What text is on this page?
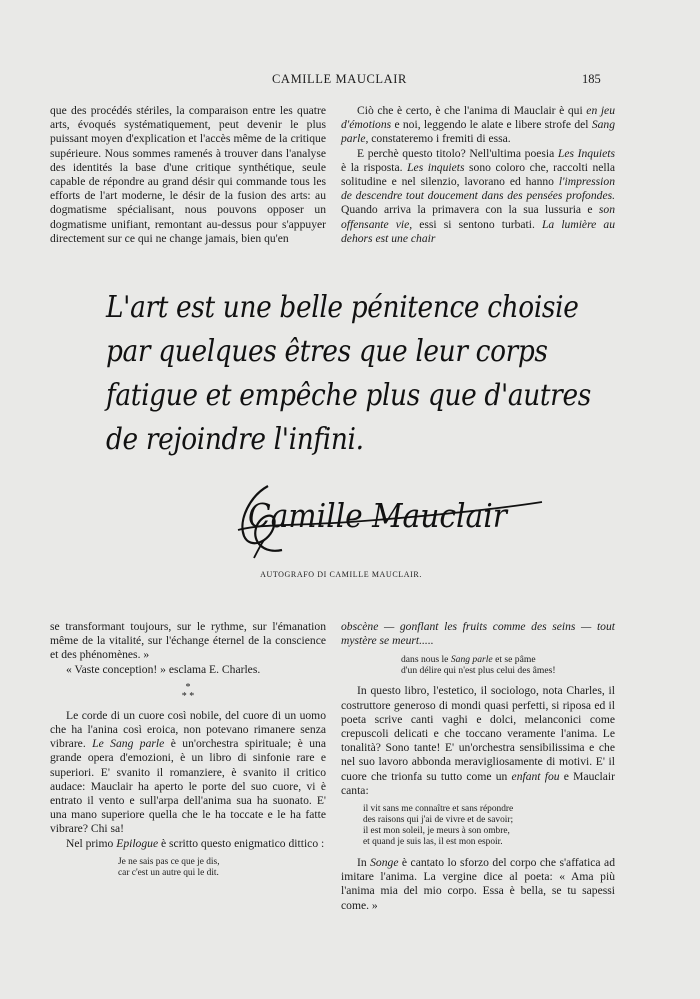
CAMILLE MAUCLAIR	185

que des procédés stériles, la comparaison entre les quatre arts, évoqués systématiquement, peut devenir le plus puissant moyen d'explication et l'accès même de la critique supérieure. Nous sommes ramenés à trouver dans l'analyse des identités la base d'une critique synthétique, seule capable de répondre au grand désir qui commande tous les efforts de l'art moderne, le désir de la fusion des arts: au dogmatisme spécialisant, nous pouvons opposer un dogmatisme unifiant, remontant au-dessus pour s'appuyer directement sur ce qui ne change jamais, bien qu'en

Ciò che è certo, è che l'anima di Mauclair è qui en jeu d'émotions e noi, leggendo le alate e libere strofe del Sang parle, constateremo i fremiti di essa.

E perchè questo titolo? Nell'ultima poesia Les Inquiets è la risposta. Les inquiets sono coloro che, raccolti nella solitudine e nel silenzio, lavorano ed hanno l'impression de descendre tout doucement dans des pensées profondes. Quando arriva la primavera con la sua lussuria e son offensante vie, essi si sentono turbati. La lumière au dehors est une chair

L'art est une belle pénitence choisie

par quelques êtres que leur corps

fatigue et empêche plus que d'autres

de rejoindre l'infini.

Camille Mauclair
AUTOGRAFO DI CAMILLE MAUCLAIR.

se transformant toujours, sur le rythme, sur l'émanation même de la vitalité, sur l'échange éternel de la conscience et des phénomènes. »

« Vaste conception! » esclama E. Charles.

*
* *

Le corde di un cuore così nobile, del cuore di un uomo che ha l'anina così eroica, non potevano rimanere senza vibrare. Le Sang parle è un'orchestra spirituale; è una grande opera d'emozioni, è un libro di sinfonie rare e superiori. E' svanito il romanziere, è svanito il critico audace: Mauclair ha aperto le porte del suo cuore, vi è entrato il vento e sull'arpa dell'anima sua ha suonato. E' una mano superiore quella che le ha toccate e le ha fatte vibrare? Chi sa!

Nel primo Epilogue è scritto questo enigmatico dittico :

Je ne sais pas ce que je dis,
car c'est un autre qui le dit.

obscène — gonflant les fruits comme des seins — tout mystère se meurt.....

dans nous le Sang parle et se pâme
d'un délire qui n'est plus celui des âmes!

In questo libro, l'estetico, il sociologo, nota Charles, il costruttore generoso di mondi quasi perfetti, si riposa ed il poeta scrive canti vaghi e dolci, melanconici come crepuscoli delicati e che toccano veramente l'anima. Le tonalità? Sono tante! E' un'orchestra sensibilissima e che nel suo lavoro abbonda meravigliosamente di motivi. E' il cuore che trionfa su tutto come un enfant fou e Mauclair canta:

il vit sans me connaître et sans répondre
des raisons qui j'ai de vivre et de savoir;
il est mon soleil, je meurs à son ombre,
et quand je suis las, il est mon espoir.

In Songe è cantato lo sforzo del corpo che s'affatica ad imitare l'anima. La vergine dice al poeta: « Ama più l'anima mia del mio corpo. Essa è bella, se tu sapessi come. »
